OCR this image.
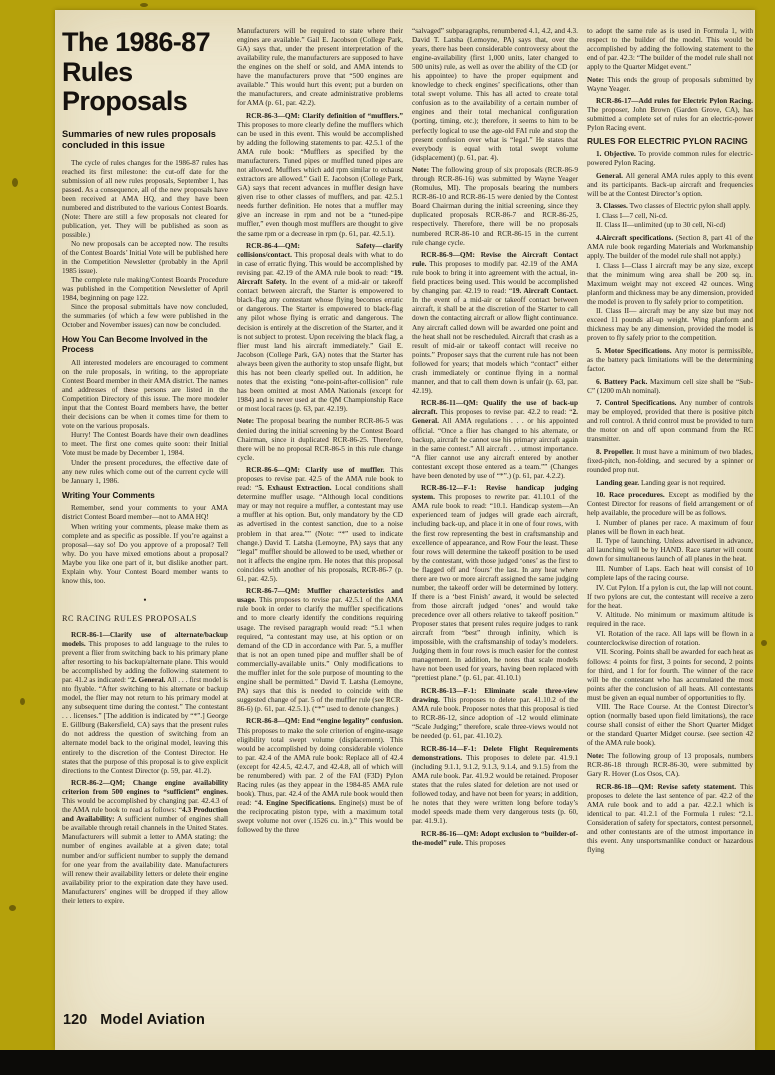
The 1986-87
Rules
Proposals
Summaries of new rules proposals concluded in this issue
The cycle of rules changes for the 1986-87 rules has reached its first milestone: the cut-off date for the submission of all new rules proposals, September 1, has passed. As a consequence, all of the new proposals have been received at AMA HQ, and they have been numbered and distributed to the various Contest Boards. (Note: There are still a few proposals not cleared for publication, yet. They will be published as soon as possible.)
No new proposals can be accepted now. The results of the Contest Boards’ Initial Vote will be published here in the Competition Newsletter (probably in the April 1985 issue).
The complete rule making/Contest Boards Procedure was published in the Competition Newsletter of April 1984, beginning on page 122.
Since the proposal submittals have now concluded, the summaries (of which a few were published in the October and November issues) can now be concluded.
How You Can Become Involved in the Process
All interested modelers are encouraged to comment on the rule proposals, in writing, to the appropriate Contest Board member in their AMA district. The names and addresses of these persons are listed in the Competition Directory of this issue. The more modeler input that the Contest Board members have, the better their decisions can be when it comes time for them to vote on the various proposals.
Hurry! The Contest Boards have their own deadlines to meet. The first one comes quite soon: their Initial Vote must be made by December 1, 1984.
Under the present procedures, the effective date of any new rules which come out of the current cycle will be January 1, 1986.
Writing Your Comments
Remember, send your comments to your AMA district Contest Board member—not to AMA HQ!
When writing your comments, please make them as complete and as specific as possible. If you’re against a proposal—say so! Do you approve of a proposal? Tell why. Do you have mixed emotions about a proposal? Maybe you like one part of it, but dislike another part. Explain why. Your Contest Board member wants to know this, too.
•
RC RACING RULES PROPOSALS
RCR-86-1—Clarify use of alternate/backup models. This proposes to add language to the rules to prevent a flier from switching back to his primary plane after resorting to his backup/alternate plane. This would be accomplished by adding the following statement to par. 41.2 as indicated: “2. General. All . . . first model is nto flyable. “After switching to his alternate or backup model, the flier may not return to his primary model at any subsequent time during the contest.” The contestant . . . licenses.” [The addition is indicated by “*”.] George E. Gillburg (Bakersfield, CA) says that the present rules do not address the question of switching from an alternate model back to the original model, leaving this entirely to the discretion of the Contest Director. He states that the purpose of this proposal is to give explicit directions to the Contest Director (p. 59, par. 41.2).
RCR-86-2—QM; Change engine availability criterion from 500 engines to “sufficient” engines. This would be accomplished by changing par. 42.4.3 of the AMA rule book to read as follows: “4.3 Production and Availability: A sufficient number of engines shall be available through retail channels in the United States. Manufacturers will submit a letter to AMA stating: the number of engines available at a given date; total number and/or sufficient number to supply the demand for one year from the availability date. Manufacturers will renew their availability letters or delete their engine availability prior to the expiration date they have used. Manufacturers’ engines will be dropped if they allow their letters to expire.
Manufacturers will be required to state where their engines are available.” Gail E. Jacobson (College Park, GA) says that, under the present interpretation of the availability rule, the manufacturers are supposed to have the engines on the shelf or sold, and AMA intends to have the manufacturers prove that “500 engines are available.” This would hurt this event; put a burden on the manufacturers, and create administrative problems for AMA (p. 61, par. 42.2).
RCR-86-3—QM: Clarify definition of “mufflers.” This proposes to more clearly define the mufflers which can be used in this event. This would be accomplished by adding the following statements to par. 42.5.1 of the AMA rule book: “Mufflers as specified by the manufacturers. Tuned pipes or muffled tuned pipes are not allowed. Mufflers which add rpm similar to exhaust extractors are allowed.” Gail E. Jacobson (College Park, GA) says that recent advances in muffler design have given rise to other classes of mufflers, and par. 42.5.1 needs further definition. He notes that a muffler may give an increase in rpm and not be a “tuned-pipe muffler,” even though most mufflers are thought to give the same rpm or a decrease in rpm (p. 61, par. 42.5.1).
RCR-86-4—QM: Safety—clarify collisions/contact. This proposal deals with what to do in case of erratic flying. This would be accomplished by revising par. 42.19 of the AMA rule book to read: “19. Aircraft Safety. In the event of a mid-air or takeoff contact between aircraft, the Starter is empowered to black-flag any contestant whose flying becomes erratic or dangerous. The Starter is empowered to black-flag any pilot whose flying is erratic and dangerous. The decision is entirely at the discretion of the Starter, and it is not subject to protest. Upon receiving the black flag, a flier must land his aircraft immediately.” Gail E. Jacobson (College Park, GA) notes that the Starter has always been given the authority to stop unsafe flight, but this has not been clearly spelled out. In addition, he notes that the existing “one-point-after-collision” rule has been omitted at most AMA Nationals (except for 1984) and is never used at the QM Championship Race or most local races (p. 63, par. 42.19).
Note: The proposal bearing the number RCR-86-5 was denied during the initial screening by the Contest Board Chairman, since it duplicated RCR-86-25. Therefore, there will be no proposal RCR-86-5 in this rule change cycle.
RCR-86-6—QM: Clarify use of muffler. This proposes to revise par. 42.5 of the AMA rule book to read: “5. Exhaust Extraction. Local conditions shall determine muffler usage. “Although local conditions may or may not require a muffler, a contestant may use a muffler at his option. But, only mandatory by the CD as advertised in the contest sanction, due to a noise problem in that area.”” (Note: “*” used to indicate change.) David T. Latsha (Lemoyne, PA) says that any “legal” muffler should be allowed to be used, whether or not it affects the engine rpm. He notes that this proposal coincides with another of his proposals, RCR-86-7 (p. 61, par. 42.5).
RCR-86-7—QM: Muffler characteristics and usage. This proposes to revise par. 42.5.1 of the AMA rule book in order to clarify the muffler specifications and to more clearly identify the conditions requiring usage. The revised paragraph would read: “5.1 when required, “a contestant may use, at his option or on demand of the CD in accordance with Par. 5, a muffler that is not an open tuned pipe and muffler shall be of commercially-available units.” Only modifications to the muffler inlet for the sole purpose of mounting to the engine shall be permitted.” David T. Latsha (Lemoyne, PA) says that this is needed to coincide with the suggested change of par. 5 of the muffler rule (see RCR-86-6) (p. 61, par. 42.5.1). (“*” used to denote changes.)
RCR-86-8—QM: End “engine legality” confusion. This proposes to make the sole criterion of engine-usage eligibility total swept volume (displacement). This would be accomplished by doing considerable violence to par. 42.4 of the AMA rule book: Replace all of 42.4 (except for 42.4.5, 42.4.7, and 42.4.8, all of which will be renumbered) with par. 2 of the FAI (F3D) Pylon Racing rules (as they appear in the 1984-85 AMA rule book). Thus, par. 42.4 of the AMA rule book would then read: “4. Engine Specifications. Engine(s) must be of the reciprocating piston type, with a maximum total swept volume not over (.1526 cu. in.).” This would be followed by the three
“salvaged” subparagraphs, renumbered 4.1, 4.2, and 4.3. David T. Latsha (Lemoyne, PA) says that, over the years, there has been considerable controversy about the engine-availability (first 1,000 units, later changed to 500 units) rule, as well as over the ability of the CD (or his appointee) to have the proper equipment and knowledge to check engines’ specifications, other than total swept volume. This has all acted to create total confusion as to the availability of a certain number of engines and their total mechanical configuration (porting, timing, etc.); therefore, it seems to him to be perfectly logical to use the age-old FAI rule and stop the present confusion over what is “legal.” He states that everybody is equal with total swept volume (idsplacement) (p. 61, par. 4).
Note: The following group of six proposals (RCR-86-9 through RCR-86-16) was submitted by Wayne Yeager (Romulus, MI). The proposals bearing the numbers RCR-86-10 and RCR-86-15 were denied by the Contest Board Chairman during the initial screening, since they duplicated proposals RCR-86-7 and RCR-86-25, respectively. Therefore, there will be no proposals numbered RCR-86-10 and RCR-86-15 in the current rule change cycle.
RCR-86-9—QM: Revise the Aircraft Contact rule. This proposes to modify par. 42.19 of the AMA rule book to bring it into agreement with the actual, in-field practices being used. This would be accomplished by changing par. 42.19 to read: “19. Aircraft Contact. In the event of a mid-air or takeoff contact between aircraft, it shall be at the discretion of the Starter to call down the contacting aircraft or allow flight continuance. Any aircraft called down will be awarded one point and the heat shall not be rescheduled. Aircraft that crash as a result of mid-air or takeoff contact will receive no points.” Proposer says that the current rule has not been followed for years; that models which “contact” either crash immediately or continue flying in a normal manner, and that to call them down is unfair (p. 63, par. 42.19).
RCR-86-11—QM: Qualify the use of back-up aircraft. This proposes to revise par. 42.2 to read: “2. General. All AMA regulations . . . or his appointed official. “Once a flier has changed to his alternate, or backup, aircraft he cannot use his primary aircraft again in the same contest.” All aircraft . . . utmost importance. “A flier cannot use any aircraft entered by another contestant except those entered as a team.”” (Changes have been denoted by use of “*”.) (p. 61, par. 4.2.2).
RCR-86-12—F-1: Revise handicap judging system. This proposes to rewrite par. 41.10.1 of the AMA rule book to read: “10.1. Handicap system—An experienced team of judges will grade each aircraft, including back-up, and place it in one of four rows, with the first row representing the best in craftsmanship and excellence of appearance, and Row Four the least. These four rows will determine the takeoff position to be used by the contestant, with those judged ‘ones’ as the first to be flagged off and ‘fours’ the last. In any heat where there are two or more aircraft assigned the same judging number, the takeoff order will be determined by lottery. If there is a ‘best Finish’ award, it would be selected from those aircraft judged ‘ones’ and would take precedence over all others relative to takeoff position.” Proposer states that present rules require judges to rank aircraft from “best” through infinity, which is impossible, with the craftsmanship of today’s modelers. Judging them in four rows is much easier for the contest management. In addition, he notes that scale models have not been used for years, having been replaced with “prettiest plane.” (p. 61, par. 41.10.1)
RCR-86-13—F-1: Eliminate scale three-view drawing. This proposes to delete par. 41.10.2 of the AMA rule book. Proposer notes that this proposal is tied to RCR-86-12, since adoption of -12 would eliminate “Scale Judging;” therefore, scale three-views would not be needed (p. 61, par. 41.10.2).
RCR-86-14—F-1: Delete Flight Requirements demonstrations. This proposes to delete par. 41.9.1 (including 9.1.1, 9.1.2, 9.1.3, 9.1.4, and 9.1.5) from the AMA rule book. Par. 41.9.2 would be retained. Proposer states that the rules slated for deletion are not used or followed today, and have not been for years; in addition, he notes that they were written long before today’s model speeds made them very dangerous tests (p. 60, par. 41.9.1).
RCR-86-16—QM: Adopt exclusion to “builder-of-the-model” rule. This proposes
to adopt the same rule as is used in Formula 1, with respect to the builder of the model. This would be accomplished by adding the following statement to the end of par. 42.3: “The builder of the model rule shall not apply to the Quarter Midget event.”
Note: This ends the group of proposals submitted by Wayne Yeager.
RCR-86-17—Add rules for Electric Pylon Racing. The proposer, John Brown (Garden Grove, CA), has submitted a complete set of rules for an electric-power Pylon Racing event.
RULES FOR ELECTRIC PYLON RACING
1. Objective. To provide common rules for electric-powered Pylon Racing.
General. All general AMA rules apply to this event and its participants. Back-up aircraft and frequencies will be at the Contest Director’s option.
3. Classes. Two classes of Electric pylon shall apply.
I. Class I—7 cell, Ni-cd.
II. Class II—unlimited (up to 30 cell, Ni-cd)
4.Aircraft specifications. (Section 8, part 41 of the AMA rule book regarding Materials and Workmanship apply. The builder of the model rule shall not apply.)
I. Class I—Class I aircraft may be any size, except that the minimum wing area shall be 200 sq. in. Maximum weight may not exceed 42 ounces. Wing planform and thickness may be any dimension, provided the model is proven to fly safely prior to competition.
II. Class II— aircraft may be any size but may not exceed 11 pounds all-up weight. Wing planform and thickness may be any dimension, provided the model is proven to fly safely prior to the competition.
5. Motor Specifications. Any motor is permissible, as the battery pack limitations will be the determining factor.
6. Battery Pack. Maximum cell size shall be “Sub-C” (1200 mAh nominal).
7. Control Specifications. Any number of controls may be employed, provided that there is positive pitch and roll control. A thrid control must be provided to turn the motor on and off upon command from the RC transmitter.
8. Propeller. It must have a minimum of two blades, fixed-pitch, non-folding, and secured by a spinner or rounded prop nut.
Landing gear. Landing gear is not required.
10. Race procedures. Except as modified by the Contest Director for reasons of field arrangement or of help available, the procedure will be as follows.
I. Number of planes per race. A maximum of four planes will be flown in each heat.
II. Type of launching. Unless advertised in advance, all launching will be by HAND. Race starter will count down for simultaneous launch of all planes in the heat.
III. Number of Laps. Each heat will consist of 10 complete laps of the racing course.
IV. Cut Pylon. If a pylon is cut, the lap will not count. If two pylons are cut, the contestant will receive a zero for the heat.
V. Altitude. No minimum or maximum altitude is required in the race.
VI. Rotation of the race. All laps will be flown in a counterclockwise direction of rotation.
VII. Scoring. Points shall be awarded for each heat as follows: 4 points for first, 3 points for second, 2 points for third, and 1 for for fourth. The winner of the race will be the contestant who has accumulated the most points after the conclusion of all heats. All contestants must be given an equal number of opportunities to fly.
VIII. The Race Course. At the Contest Director’s option (normally based upon field limitations), the race course shall consist of either the Short Quarter Midget or the standard Quarter Midget course. (see section 42 of the AMA rule book).
Note: The following group of 13 proposals, numbers RCR-86-18 through RCR-86-30, were submitted by Gary R. Hover (Los Osos, CA).
RCR-86-18—QM: Revise safety statement. This proposes to delete the last sentence of par. 42.2 of the AMA rule book and to add a par. 42.2.1 which is identical to par. 41.2.1 of the Formula 1 rules: “2.1. Consideration of safety for spectators, contest personnel, and other contestants are of the utmost importance in this event. Any unsportsmanlike conduct or hazardous flying
120 Model Aviation
